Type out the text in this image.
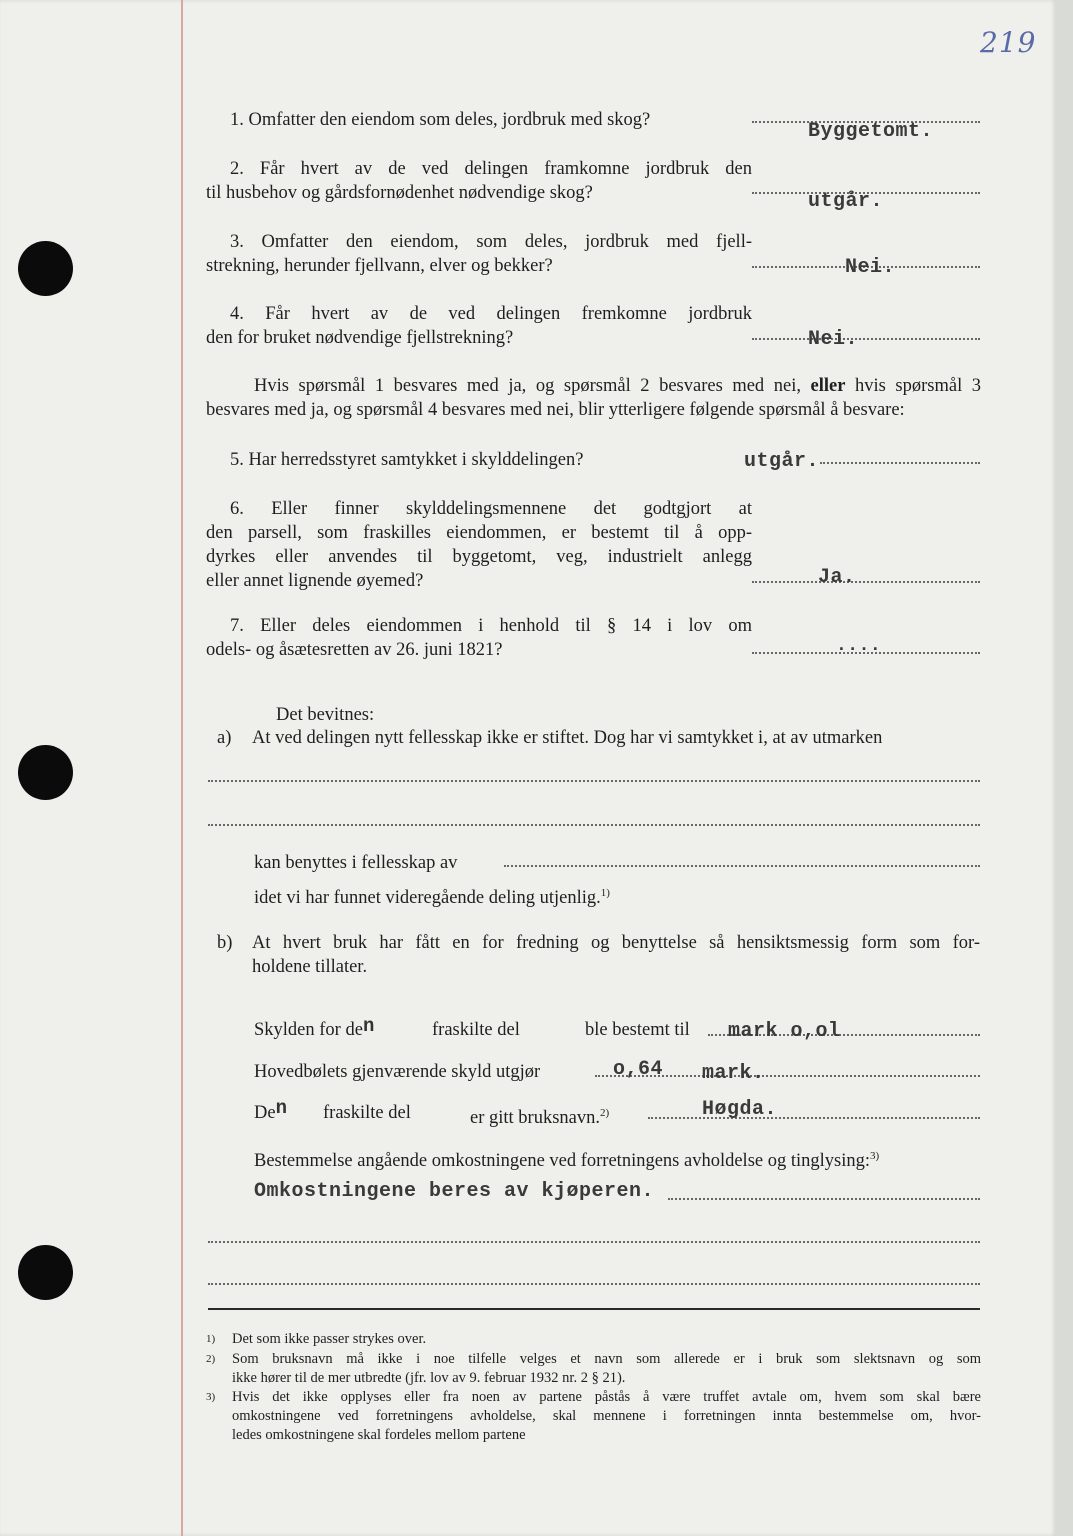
219
1. Omfatter den eiendom som deles, jordbruk med skog?	Byggetomt.
2. Får hvert av de ved delingen framkomne jordbruk den
til husbehov og gårdsfornødenhet nødvendige skog?	utgår.
3. Omfatter den eiendom, som deles, jordbruk med fjell-
strekning, herunder fjellvann, elver og bekker?	Nei.
4. Får hvert av de ved delingen fremkomne jordbruk
den for bruket nødvendige fjellstrekning?	Nei.
Hvis spørsmål 1 besvares med ja, og spørsmål 2 besvares med nei, eller hvis spørsmål 3
besvares med ja, og spørsmål 4 besvares med nei, blir ytterligere følgende spørsmål å besvare:
5. Har herredsstyret samtykket i skylddelingen?	utgår.
6. Eller finner skylddelingsmennene det godtgjort at
den parsell, som fraskilles eiendommen, er bestemt til å opp-
dyrkes eller anvendes til byggetomt, veg, industrielt anlegg
eller annet lignende øyemed?	Ja.
7. Eller deles eiendommen i henhold til § 14 i lov om
odels- og åsætesretten av 26. juni 1821?	....
Det bevitnes:
a) At ved delingen nytt fellesskap ikke er stiftet. Dog har vi samtykket i, at av utmarken
kan benyttes i fellesskap av
idet vi har funnet videregående deling utjenlig.$^{1)}$
b) At hvert bruk har fått en for fredning og benyttelse så hensiktsmessig form som for-
holdene tillater.
Skylden for den	fraskilte del	ble bestemt til mark o,ol
Hovedbølets gjenværende skyld utgjør	o,64 mark.
Den fraskilte del	er gitt bruksnavn.$^{2)}$	Høgda.
Bestemmelse angående omkostningene ved forretningens avholdelse og tinglysing:$^{3)}$
Omkostningene beres av kjøperen.
1) Det som ikke passer strykes over.
2)	Som bruksnavn må ikke i noe tilfelle velges et navn som allerede er i bruk som slektsnavn og som
ikke hører til de mer utbredte (jfr. lov av 9. februar 1932 nr. 2 § 21).
3)	Hvis det ikke opplyses eller fra noen av partene påstås å være truffet avtale om, hvem som skal bære
omkostningene ved forretningens avholdelse, skal mennene i forretningen innta bestemmelse om, hvor-
ledes omkostningene skal fordeles mellom partene
